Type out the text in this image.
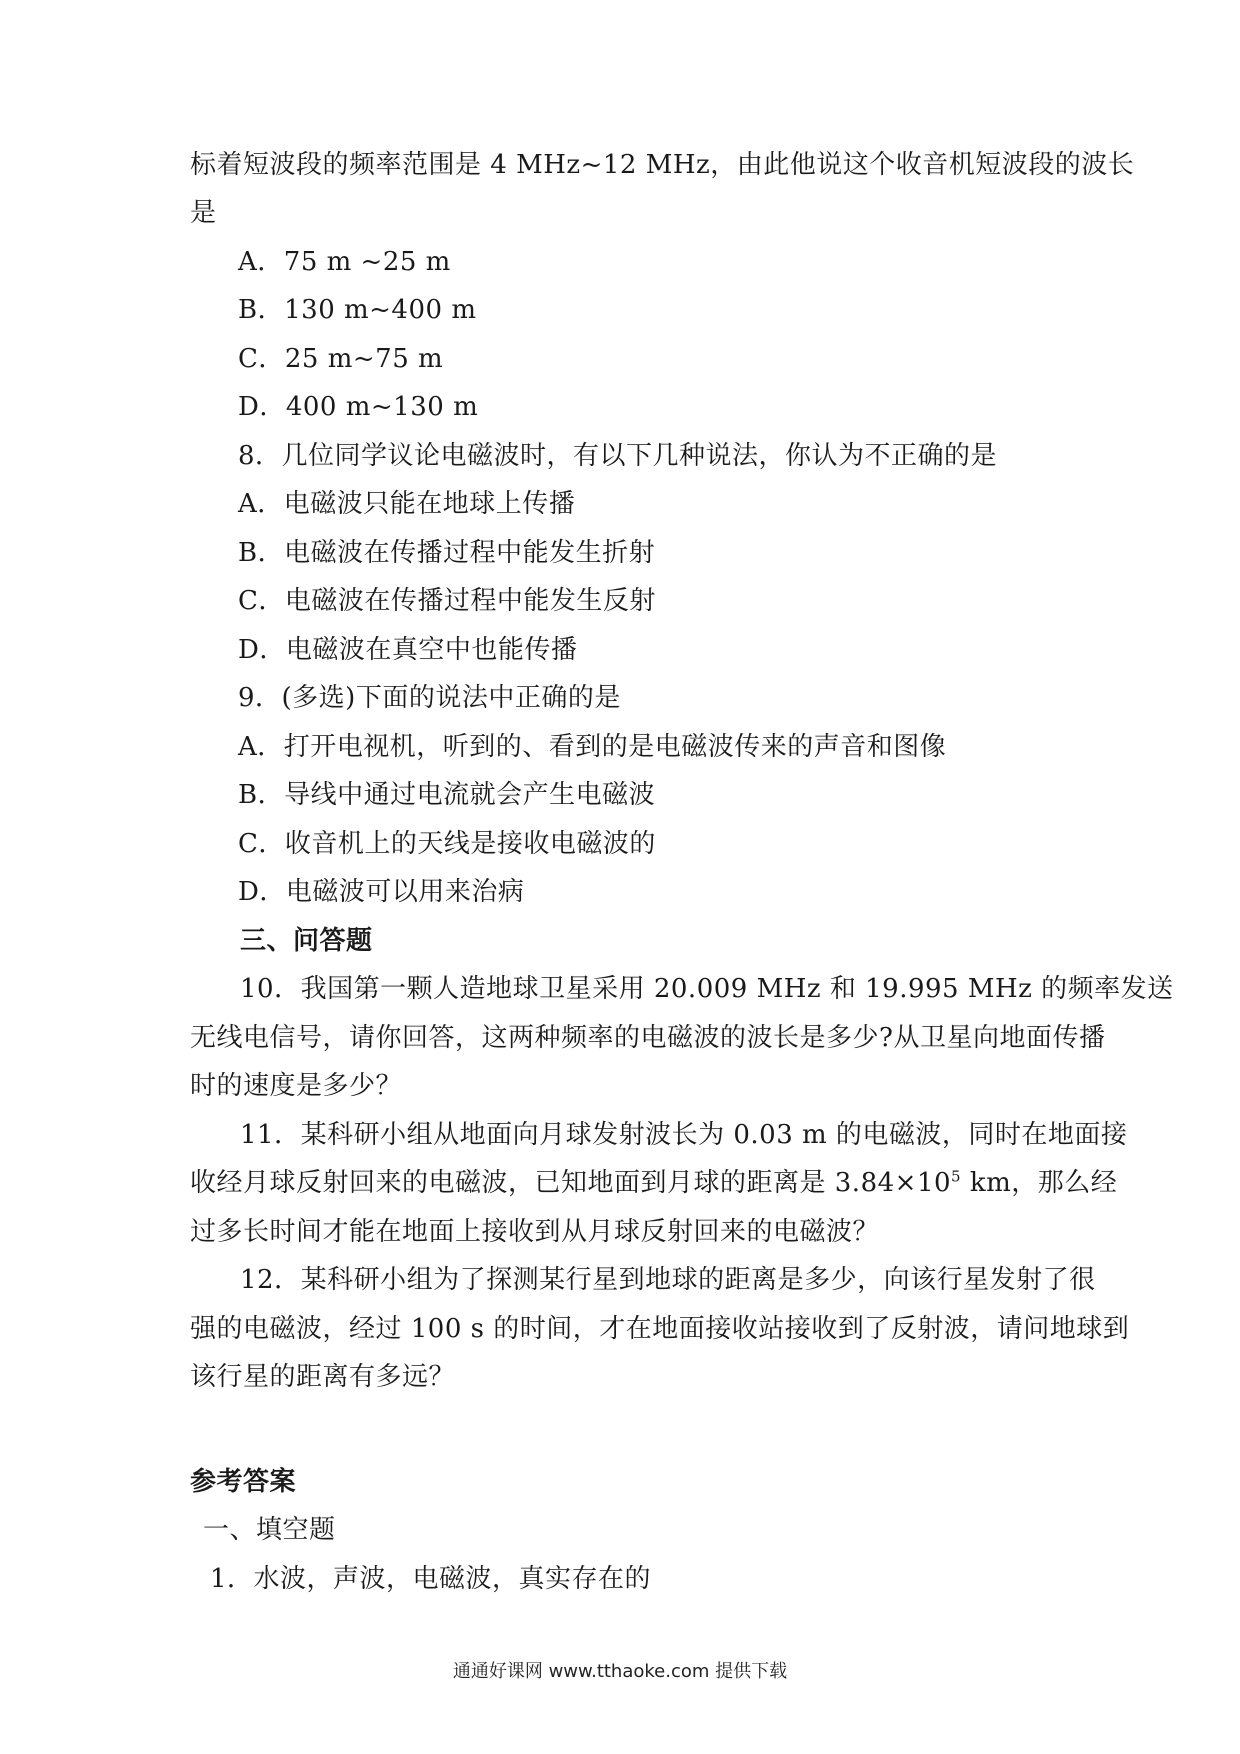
标着短波段的频率范围是 4 MHz~12 MHz，由此他说这个收音机短波段的波长
是
A．75 m ~25 m
B．130 m~400 m
C．25 m~75 m
D．400 m~130 m
8．几位同学议论电磁波时，有以下几种说法，你认为不正确的是
A．电磁波只能在地球上传播
B．电磁波在传播过程中能发生折射
C．电磁波在传播过程中能发生反射
D．电磁波在真空中也能传播
9．(多选)下面的说法中正确的是
A．打开电视机，听到的、看到的是电磁波传来的声音和图像
B．导线中通过电流就会产生电磁波
C．收音机上的天线是接收电磁波的
D．电磁波可以用来治病
三、问答题
10．我国第一颗人造地球卫星采用 20.009 MHz 和 19.995 MHz 的频率发送
无线电信号，请你回答，这两种频率的电磁波的波长是多少?从卫星向地面传播
时的速度是多少？
11．某科研小组从地面向月球发射波长为 0.03 m 的电磁波，同时在地面接
收经月球反射回来的电磁波，已知地面到月球的距离是 $3.84\times 10^5$ km，那么经
过多长时间才能在地面上接收到从月球反射回来的电磁波？
12．某科研小组为了探测某行星到地球的距离是多少，向该行星发射了很
强的电磁波，经过 100 s 的时间，才在地面接收站接收到了反射波，请问地球到
该行星的距离有多远？
参考答案
一、填空题
1．水波，声波，电磁波，真实存在的
通通好课网 www.tthaoke.com 提供下载
